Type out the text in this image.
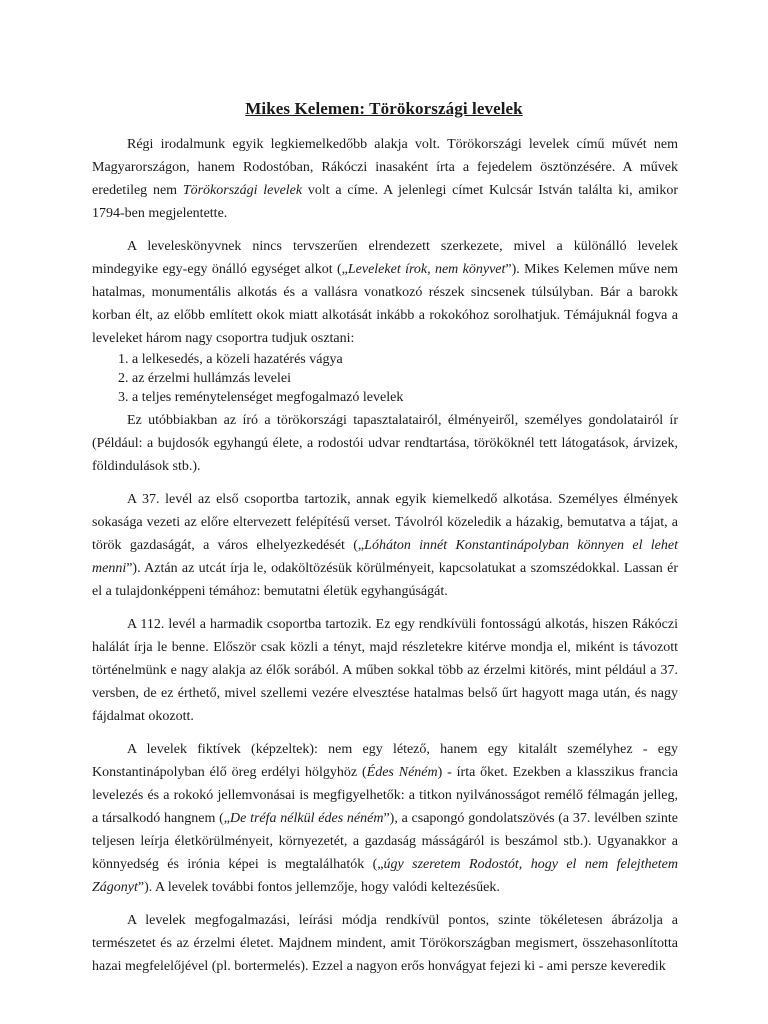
Mikes Kelemen: Törökországi levelek

Régi irodalmunk egyik legkiemelkedőbb alakja volt. Törökországi levelek című művét nem Magyarországon, hanem Rodostóban, Rákóczi inasaként írta a fejedelem ösztönzésére. A művek eredetileg nem Törökországi levelek volt a címe. A jelenlegi címet Kulcsár István találta ki, amikor 1794-ben megjelentette.

A leveleskönyvnek nincs tervszerűen elrendezett szerkezete, mivel a különálló levelek mindegyike egy-egy önálló egységet alkot („Leveleket írok, nem könyvet”). Mikes Kelemen műve nem hatalmas, monumentális alkotás és a vallásra vonatkozó részek sincsenek túlsúlyban. Bár a barokk korban élt, az előbb említett okok miatt alkotását inkább a rokokóhoz sorolhatjuk. Témájuknál fogva a leveleket három nagy csoportra tudjuk osztani:

1. a lelkesedés, a közeli hazatérés vágya
2. az érzelmi hullámzás levelei
3. a teljes reménytelenséget megfogalmazó levelek

Ez utóbbiakban az író a törökországi tapasztalatairól, élményeiről, személyes gondolatairól ír (Például: a bujdosók egyhangú élete, a rodostói udvar rendtartása, törököknél tett látogatások, árvizek, földindulások stb.).

A 37. levél az első csoportba tartozik, annak egyik kiemelkedő alkotása. Személyes élmények sokasága vezeti az előre eltervezett felépítésű verset. Távolról közeledik a házakig, bemutatva a tájat, a török gazdaságát, a város elhelyezkedését („Lóháton innét Konstantinápolyban könnyen el lehet menni”). Aztán az utcát írja le, odaköltözésük körülményeit, kapcsolatukat a szomszédokkal. Lassan ér el a tulajdonképpeni témához: bemutatni életük egyhangúságát.

A 112. levél a harmadik csoportba tartozik. Ez egy rendkívüli fontosságú alkotás, hiszen Rákóczi halálát írja le benne. Először csak közli a tényt, majd részletekre kitérve mondja el, miként is távozott történelmünk e nagy alakja az élők sorából. A műben sokkal több az érzelmi kitörés, mint például a 37. versben, de ez érthető, mivel szellemi vezére elvesztése hatalmas belső űrt hagyott maga után, és nagy fájdalmat okozott.

A levelek fiktívek (képzeltek): nem egy létező, hanem egy kitalált személyhez - egy Konstantinápolyban élő öreg erdélyi hölgyhöz (Édes Néném) - írta őket. Ezekben a klasszikus francia levelezés és a rokokó jellemvonásai is megfigyelhetők: a titkon nyilvánosságot remélő félmagán jelleg, a társalkodó hangnem („De tréfa nélkül édes néném”), a csapongó gondolatszövés (a 37. levélben szinte teljesen leírja életkörülményeit, környezetét, a gazdaság másságáról is beszámol stb.). Ugyanakkor a könnyedség és irónia képei is megtalálhatók („úgy szeretem Rodostót, hogy el nem felejthetem Zágonyt”). A levelek további fontos jellemzője, hogy valódi keltezésűek.

A levelek megfogalmazási, leírási módja rendkívül pontos, szinte tökéletesen ábrázolja a természetet és az érzelmi életet. Majdnem mindent, amit Törökországban megismert, összehasonlította hazai megfelelőjével (pl. bortermelés). Ezzel a nagyon erős honvágyat fejezi ki - ami persze keveredik
